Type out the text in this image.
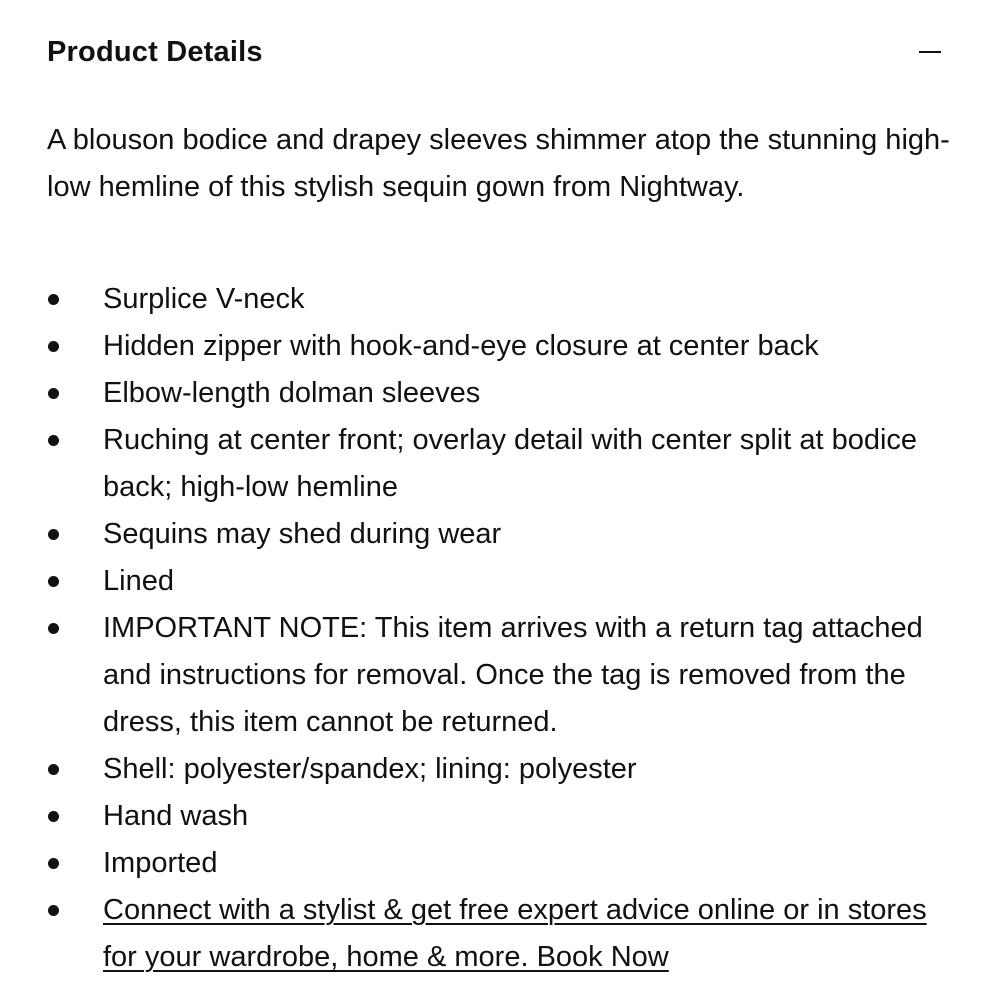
Product Details

A blouson bodice and drapey sleeves shimmer atop the stunning high-low hemline of this stylish sequin gown from Nightway.

Surplice V-neck
Hidden zipper with hook-and-eye closure at center back
Elbow-length dolman sleeves
Ruching at center front; overlay detail with center split at bodice back; high-low hemline
Sequins may shed during wear
Lined
IMPORTANT NOTE: This item arrives with a return tag attached and instructions for removal. Once the tag is removed from the dress, this item cannot be returned.
Shell: polyester/spandex; lining: polyester
Hand wash
Imported
Connect with a stylist & get free expert advice online or in stores for your wardrobe, home & more. Book Now
